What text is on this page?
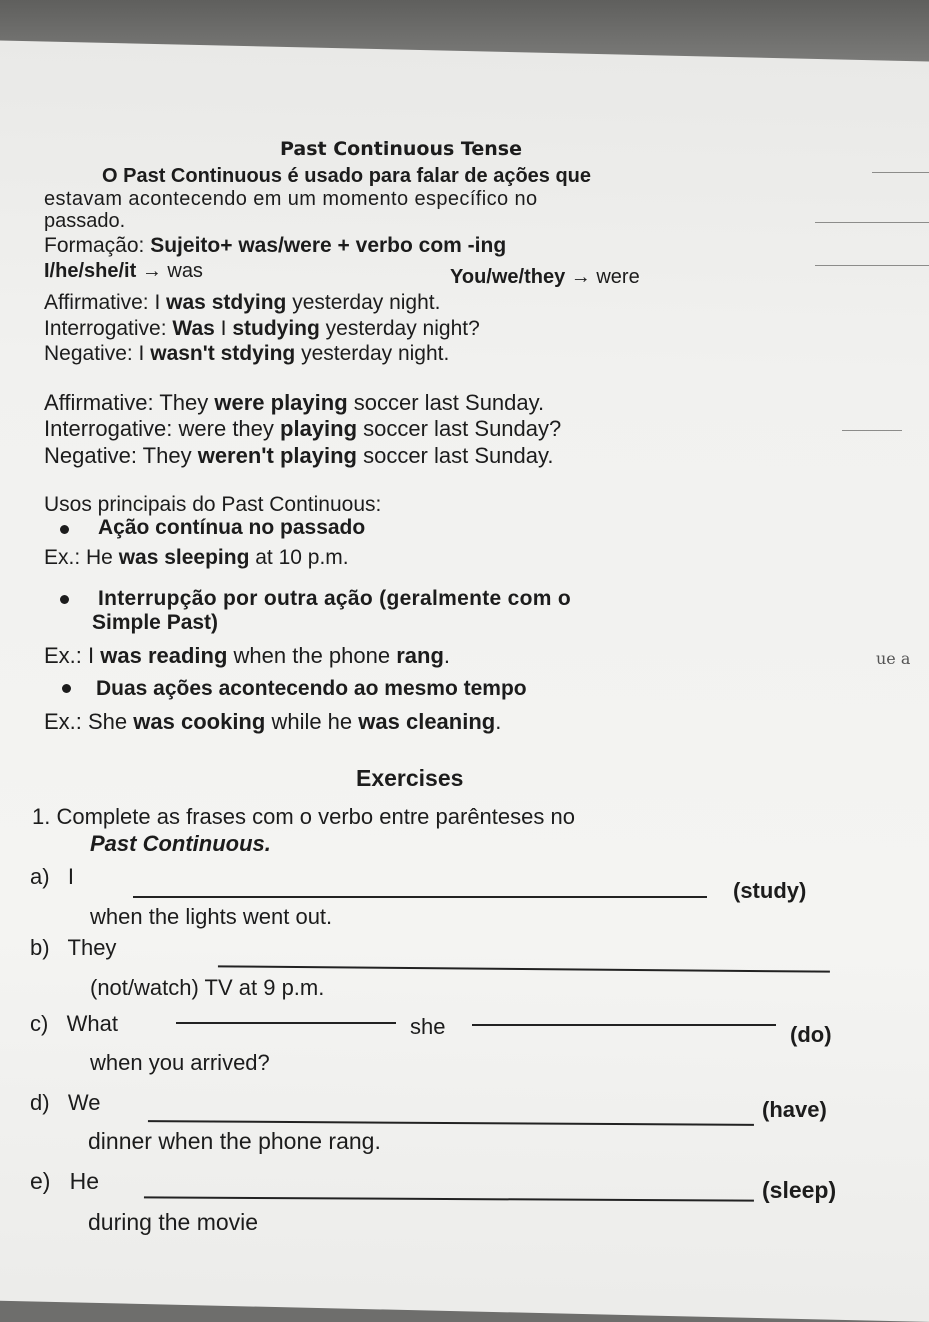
Past Continuous Tense
O Past Continuous é usado para falar de ações que
estavam acontecendo em um momento específico no
passado.
Formação: Sujeito+ was/were + verbo com -ing
I/he/she/it → was	You/we/they → were
Affirmative: I was stdying yesterday night.
Interrogative: Was I studying yesterday night?
Negative: I wasn't stdying yesterday night.
Affirmative: They were playing soccer last Sunday.
Interrogative: were they playing soccer last Sunday?
Negative: They weren't playing soccer last Sunday.
Usos principais do Past Continuous:
Ação contínua no passado
Ex.: He was sleeping at 10 p.m.
Interrupção por outra ação (geralmente com o
Simple Past)
Ex.: I was reading when the phone rang.	ue a
Duas ações acontecendo ao mesmo tempo
Ex.: She was cooking while he was cleaning.
Exercises
1. Complete as frases com o verbo entre parênteses no
Past Continuous.
a) I
(study)
when the lights went out.
b) They
(not/watch) TV at 9 p.m.
c) What	she	(do)
when you arrived?
d) We	(have)
dinner when the phone rang.
e) He	(sleep)
during the movie
